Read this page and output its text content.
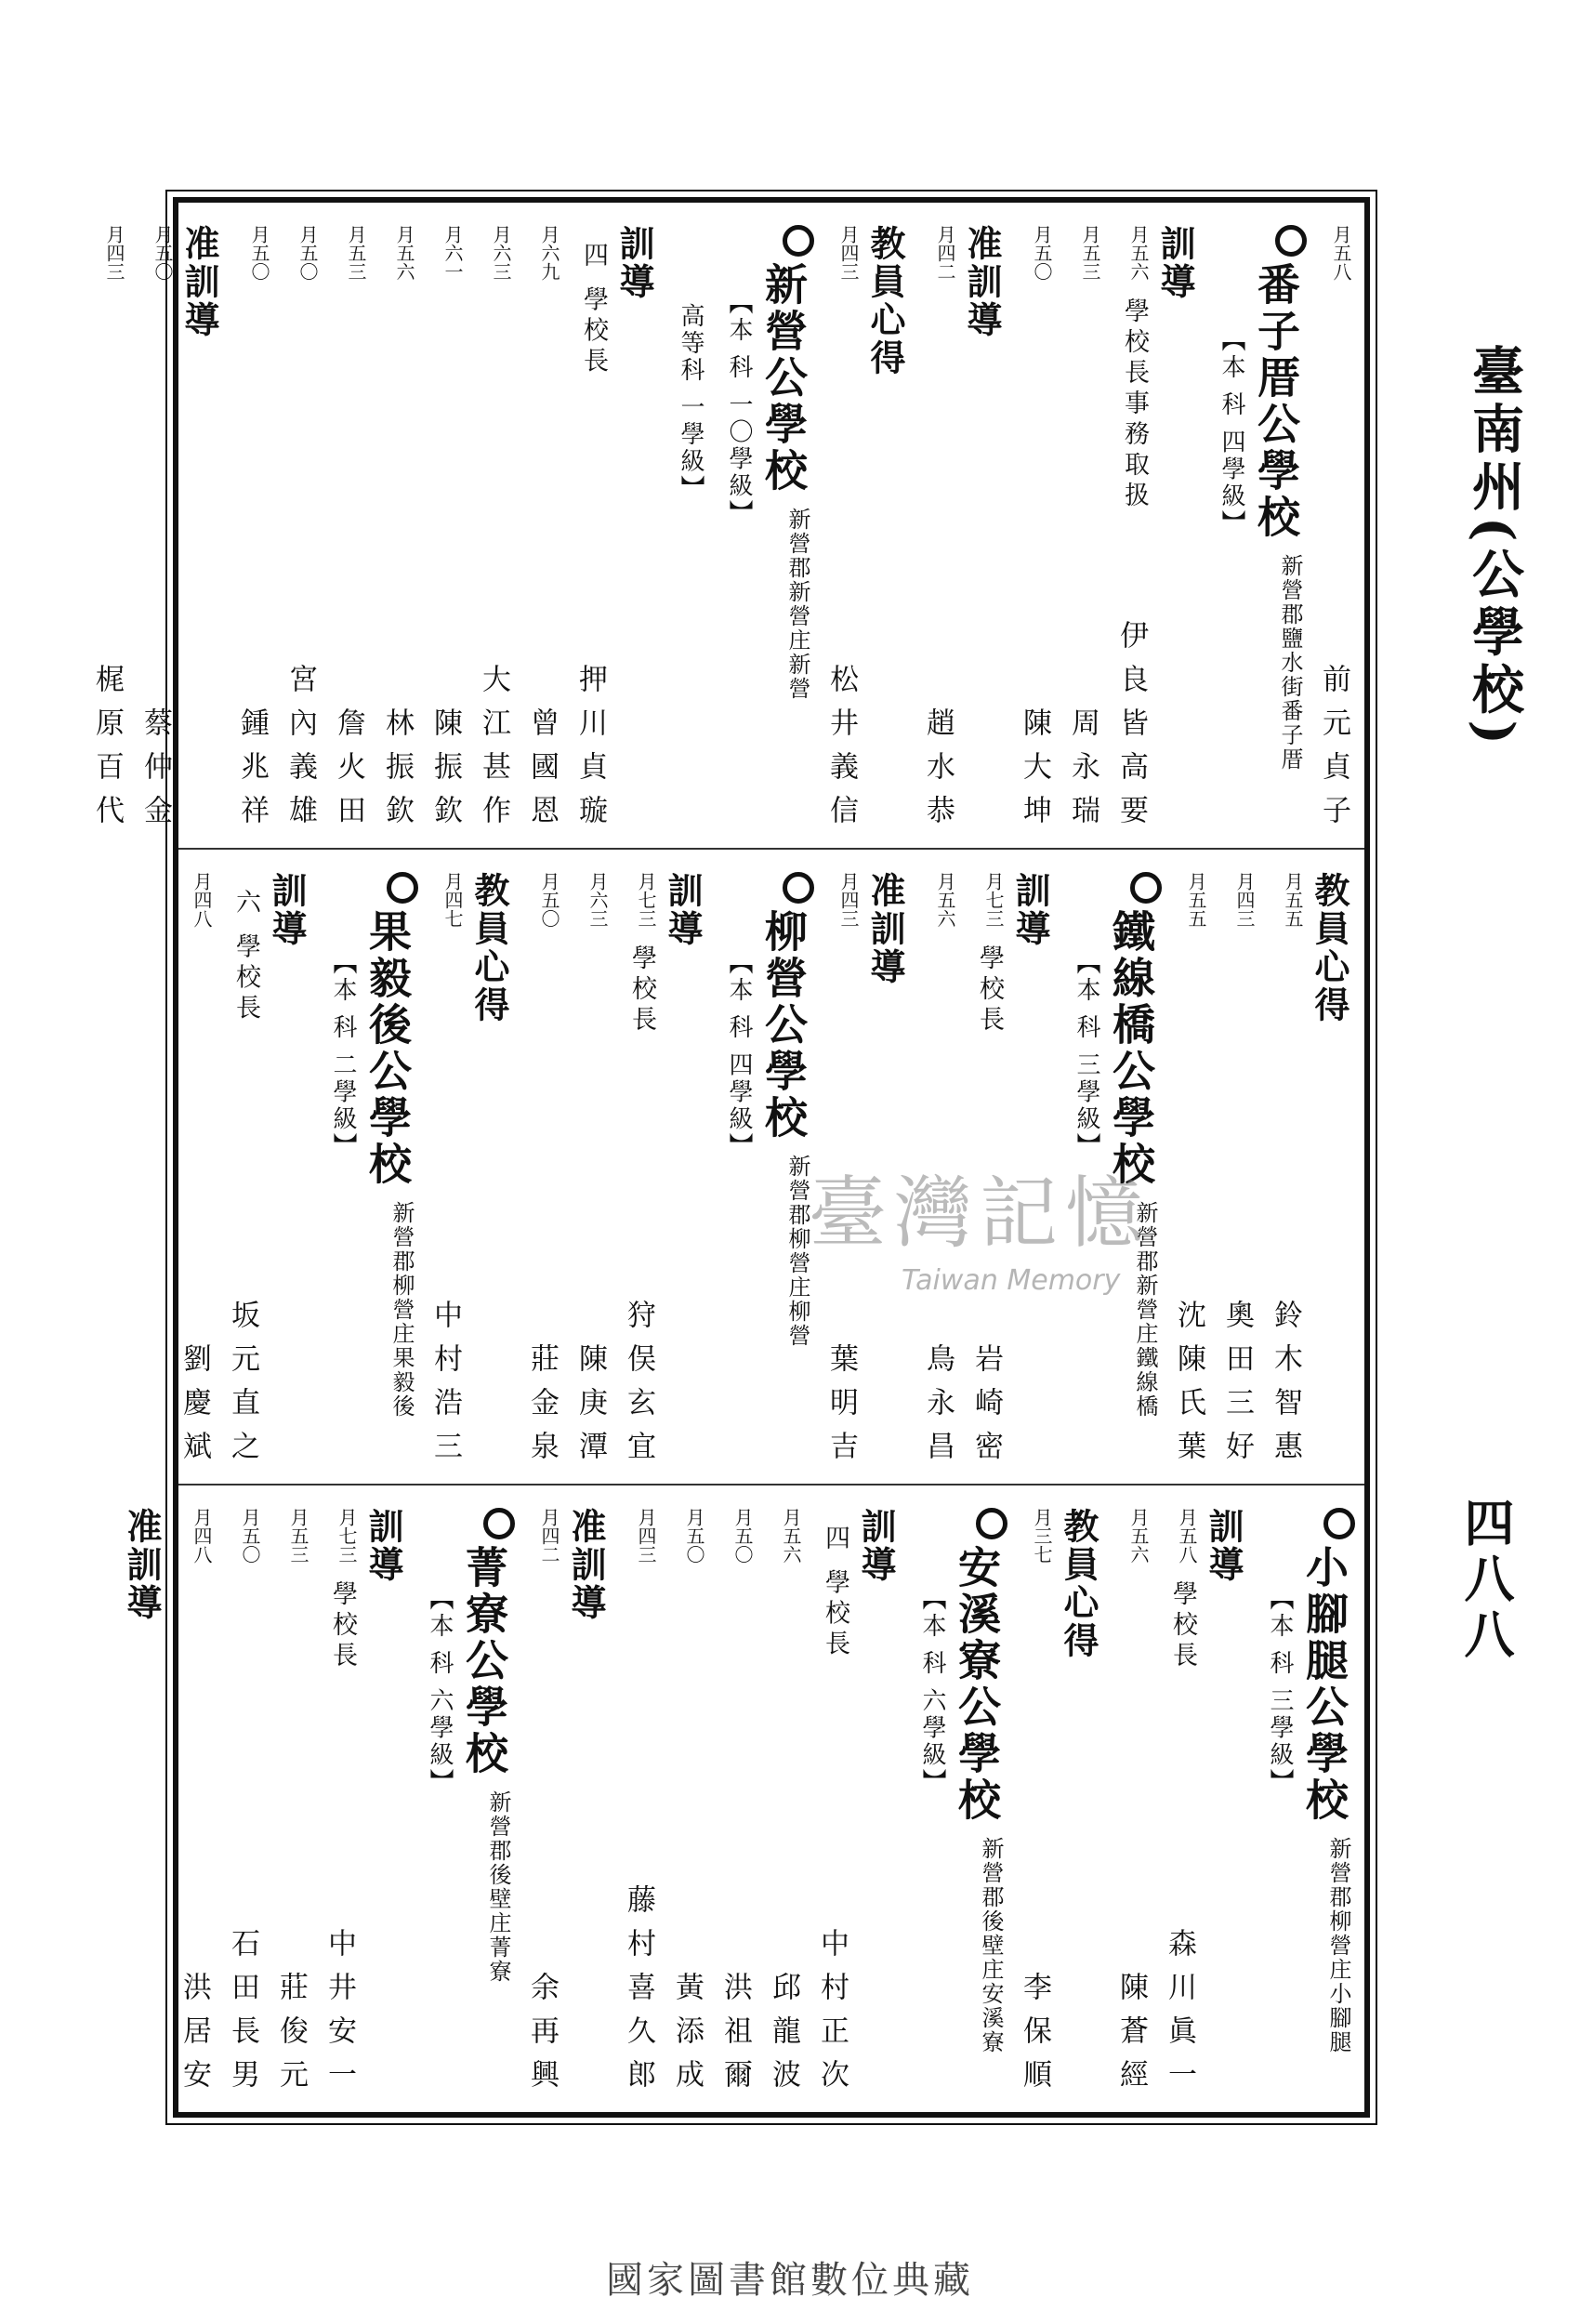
臺南州(公學校)
四八八
月五八
前元貞子
番子厝公學校
新營郡鹽水街番子厝
【本 科 四學級】
訓導
月五六
學校長事務取扱
伊良皆高要
月五三
周永瑞
月五〇
陳大坤
准訓導
月四二
趙水恭
教員心得
月四三
松井義信
新營公學校
新營郡新營庄新營
【本 科 一〇學級】
高等科 一學級】
訓導
四 學校長
押川貞璇
月六九
曾國恩
月六三
大江甚作
月六一
陳振欽
月五六
林振欽
月五三
詹火田
月五〇
宮內義雄
月五〇
鍾兆祥
准訓導
月五〇
蔡仲金
月四三
梶原百代
教員心得
月五五
鈴木智惠
月四三
奧田三好
月五五
沈陳氏葉
鐵線橋公學校
新營郡新營庄鐵線橋
【本 科 三學級】
訓導
月七三
學校長
岩崎密
月五六
鳥永昌
准訓導
月四三
葉明吉
柳營公學校
新營郡柳營庄柳營
【本 科 四學級】
訓導
月七三
學校長
狩俣玄宜
月六三
陳庚潭
月五〇
莊金泉
教員心得
月四七
中村浩三
果毅後公學校
新營郡柳營庄果毅後
【本 科 二學級】
訓導
六 學校長
坂元直之
月四八
劉慶斌
小腳腿公學校
新營郡柳營庄小腳腿
【本 科 三學級】
訓導
月五八
學校長
森川眞一
月五六
陳蒼經
教員心得
月三七
李保順
安溪寮公學校
新營郡後壁庄安溪寮
【本 科 六學級】
訓導
四 學校長
中村正次
月五六
邱龍波
月五〇
洪祖爾
月五〇
黃添成
月四三
藤村喜久郎
准訓導
月四二
余再興
菁寮公學校
新營郡後壁庄菁寮
【本 科 六學級】
訓導
月七三
學校長
中井安一
月五三
莊俊元
月五〇
石田長男
月四八
洪居安
准訓導
臺灣記憶
Taiwan Memory
國家圖書館數位典藏
